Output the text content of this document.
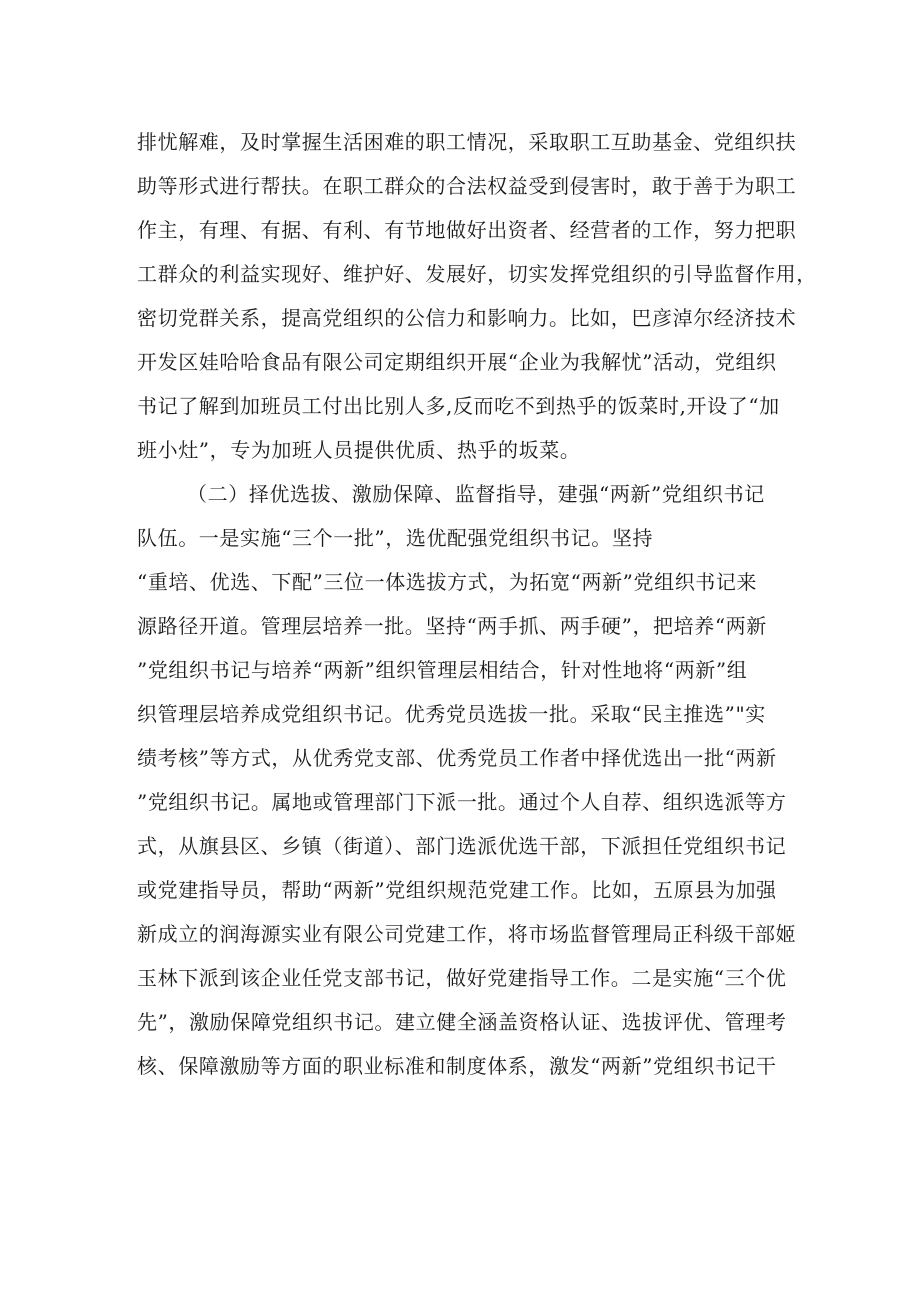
排忧解难，及时掌握生活困难的职工情况，采取职工互助基金、党组织扶
助等形式进行帮扶。在职工群众的合法权益受到侵害时，敢于善于为职工
作主，有理、有据、有利、有节地做好出资者、经营者的工作，努力把职
工群众的利益实现好、维护好、发展好，切实发挥党组织的引导监督作用，
密切党群关系，提高党组织的公信力和影响力。比如，巴彦淖尔经济技术
开发区娃哈哈食品有限公司定期组织开展“企业为我解忧”活动，党组织
书记了解到加班员工付出比别人多,反而吃不到热乎的饭菜时,开设了“加
班小灶”，专为加班人员提供优质、热乎的坂菜。
（二）择优选拔、激励保障、监督指导，建强“两新”党组织书记
队伍。一是实施“三个一批”，选优配强党组织书记。坚持
“重培、优选、下配”三位一体选拔方式，为拓宽“两新”党组织书记来
源路径开道。管理层培养一批。坚持“两手抓、两手硬”，把培养“两新
”党组织书记与培养“两新”组织管理层相结合，针对性地将“两新”组
织管理层培养成党组织书记。优秀党员选拔一批。采取“民主推选”"实
绩考核”等方式，从优秀党支部、优秀党员工作者中择优选出一批“两新
”党组织书记。属地或管理部门下派一批。通过个人自荐、组织选派等方
式，从旗县区、乡镇（街道）、部门选派优选干部，下派担任党组织书记
或党建指导员，帮助“两新”党组织规范党建工作。比如，五原县为加强
新成立的润海源实业有限公司党建工作，将市场监督管理局正科级干部姬
玉林下派到该企业任党支部书记，做好党建指导工作。二是实施“三个优
先”，激励保障党组织书记。建立健全涵盖资格认证、选拔评优、管理考
核、保障激励等方面的职业标准和制度体系，激发“两新”党组织书记干
